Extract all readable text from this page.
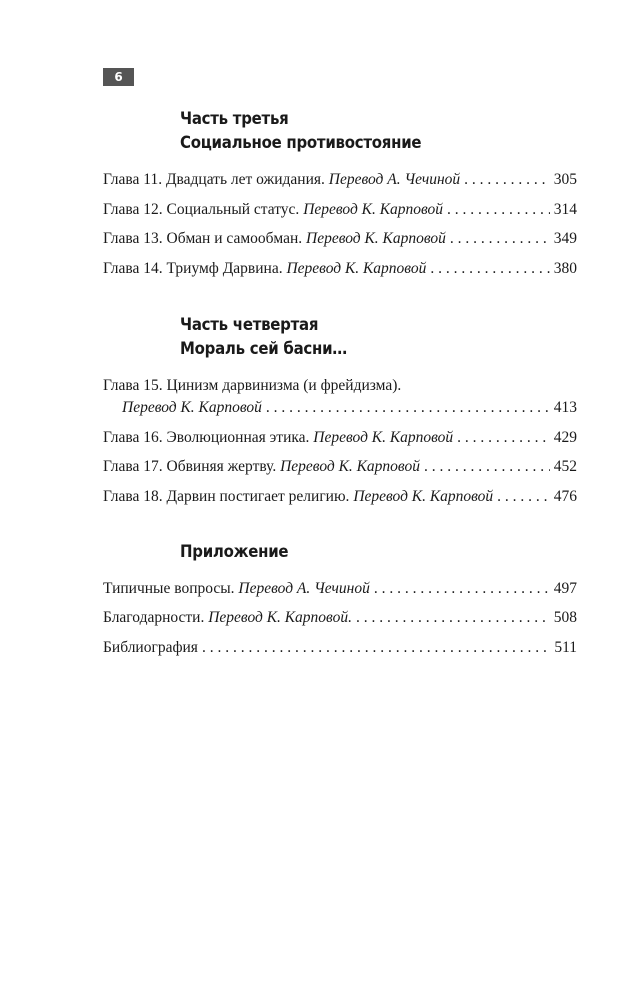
6
Часть третья
Социальное противостояние
Глава 11. Двадцать лет ожидания. Перевод А. Чечиной . . .	305
Глава 12. Социальный статус. Перевод К. Карповой . . .	314
Глава 13. Обман и самообман. Перевод К. Карповой . . .	349
Глава 14. Триумф Дарвина. Перевод К. Карповой . . .	380
Часть четвертая
Мораль сей басни…
Глава 15. Цинизм дарвинизма (и фрейдизма).
Перевод К. Карповой . . .	413
Глава 16. Эволюционная этика. Перевод К. Карповой . . .	429
Глава 17. Обвиняя жертву. Перевод К. Карповой . . .	452
Глава 18. Дарвин постигает религию. Перевод К. Карповой . . .	476
Приложение
Типичные вопросы. Перевод А. Чечиной . . .	497
Благодарности. Перевод К. Карповой. . . .	508
Библиография . . .	511
